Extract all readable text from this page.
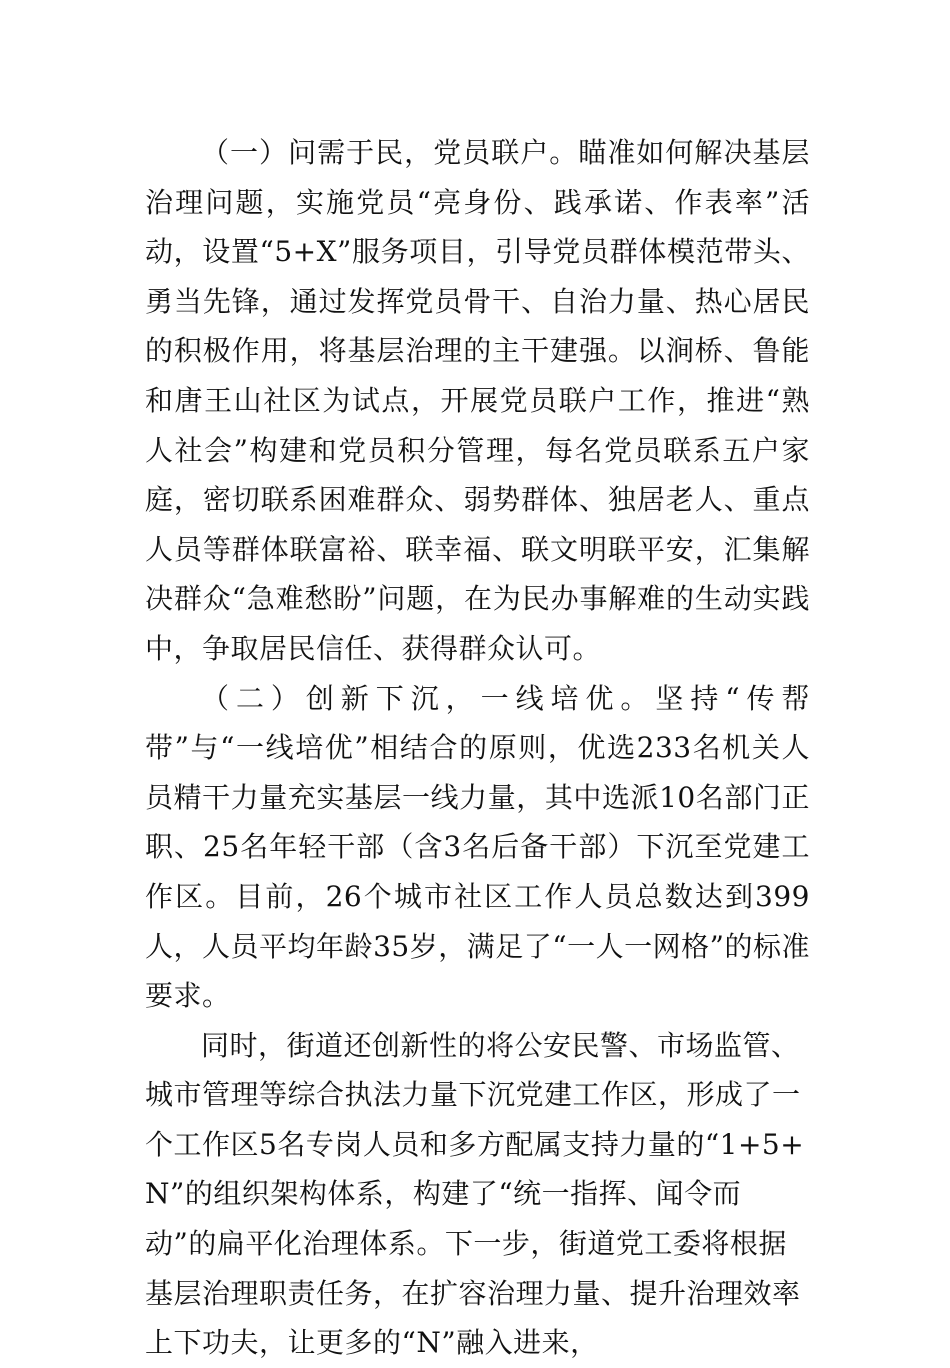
（一）问需于民，党员联户。瞄准如何解决基层治理问题，实施党员“亮身份、践承诺、作表率”活动，设置“5+X”服务项目，引导党员群体模范带头、勇当先锋，通过发挥党员骨干、自治力量、热心居民的积极作用，将基层治理的主干建强。以涧桥、鲁能和唐王山社区为试点，开展党员联户工作，推进“熟人社会”构建和党员积分管理，每名党员联系五户家庭，密切联系困难群众、弱势群体、独居老人、重点人员等群体联富裕、联幸福、联文明联平安，汇集解决群众“急难愁盼”问题，在为民办事解难的生动实践中，争取居民信任、获得群众认可。

（二）创新下沉，一线培优。坚持“传帮带”与“一线培优”相结合的原则，优选233名机关人员精干力量充实基层一线力量，其中选派10名部门正职、25名年轻干部（含3名后备干部）下沉至党建工作区。目前，26个城市社区工作人员总数达到399人，人员平均年龄35岁，满足了“一人一网格”的标准要求。

同时，街道还创新性的将公安民警、市场监管、城市管理等综合执法力量下沉党建工作区，形成了一个工作区5名专岗人员和多方配属支持力量的“1+5+N”的组织架构体系，构建了“统一指挥、闻令而动”的扁平化治理体系。下一步，街道党工委将根据基层治理职责任务，在扩容治理力量、提升治理效率上下功夫，让更多的“N”融入进来，
